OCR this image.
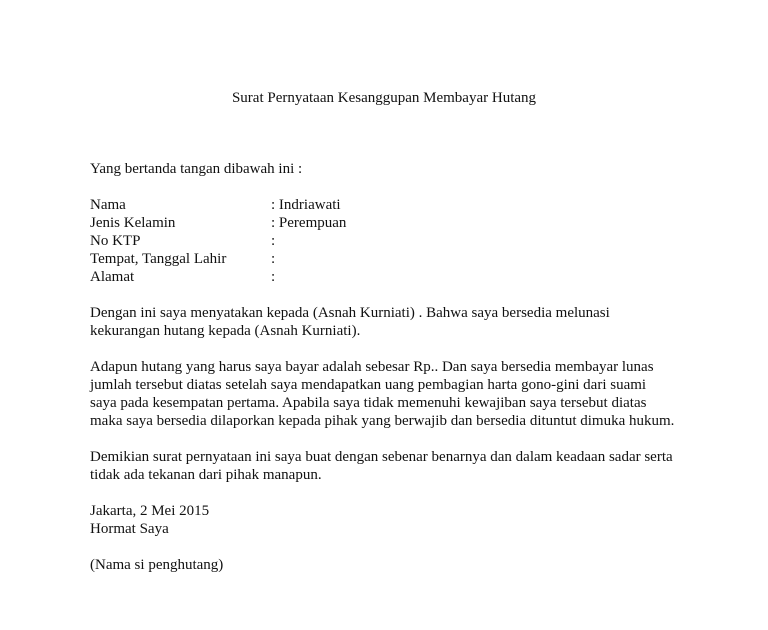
Surat Pernyataan Kesanggupan Membayar Hutang
Yang bertanda tangan dibawah ini :
Nama	: Indriawati
Jenis Kelamin	: Perempuan
No KTP	:
Tempat, Tanggal Lahir	:
Alamat	:
Dengan ini saya menyatakan kepada (Asnah Kurniati) . Bahwa saya bersedia melunasi
kekurangan hutang kepada (Asnah Kurniati).
Adapun hutang yang harus saya bayar adalah sebesar Rp.. Dan saya bersedia membayar lunas
jumlah tersebut diatas setelah saya mendapatkan uang pembagian harta gono-gini dari suami
saya pada kesempatan pertama. Apabila saya tidak memenuhi kewajiban saya tersebut diatas
maka saya bersedia dilaporkan kepada pihak yang berwajib dan bersedia dituntut dimuka hukum.
Demikian surat pernyataan ini saya buat dengan sebenar benarnya dan dalam keadaan sadar serta
tidak ada tekanan dari pihak manapun.
Jakarta, 2 Mei 2015
Hormat Saya
(Nama si penghutang)
